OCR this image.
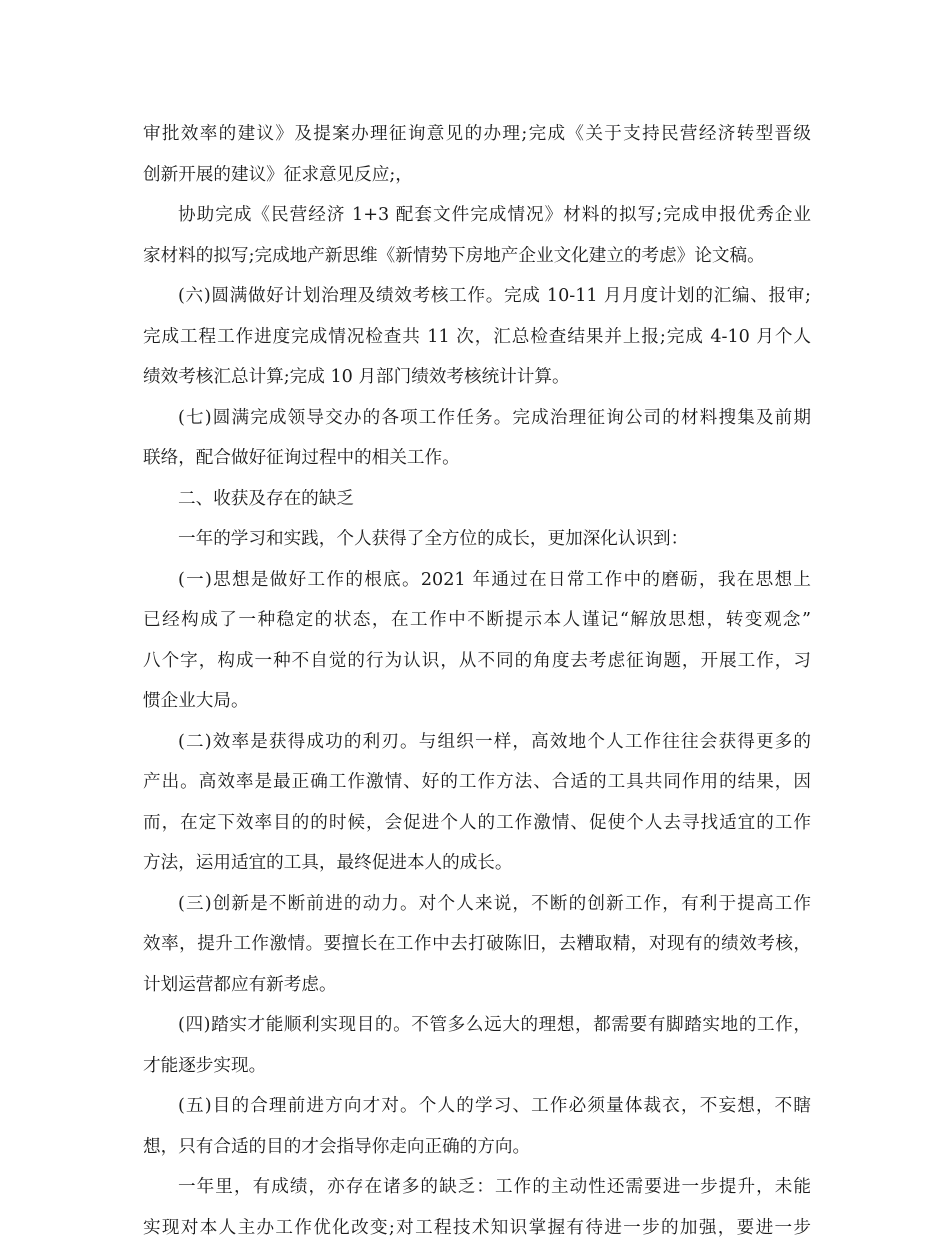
审批效率的建议》及提案办理征询意见的办理;完成《关于支持民营经济转型晋级
创新开展的建议》征求意见反应;，
协助完成《民营经济 1+3 配套文件完成情况》材料的拟写;完成申报优秀企业
家材料的拟写;完成地产新思维《新情势下房地产企业文化建立的考虑》论文稿。
(六)圆满做好计划治理及绩效考核工作。完成 10-11 月月度计划的汇编、报审;
完成工程工作进度完成情况检查共 11 次，汇总检查结果并上报;完成 4-10 月个人
绩效考核汇总计算;完成 10 月部门绩效考核统计计算。
(七)圆满完成领导交办的各项工作任务。完成治理征询公司的材料搜集及前期
联络，配合做好征询过程中的相关工作。
二、收获及存在的缺乏
一年的学习和实践，个人获得了全方位的成长，更加深化认识到：
(一)思想是做好工作的根底。2021 年通过在日常工作中的磨砺，我在思想上
已经构成了一种稳定的状态，在工作中不断提示本人谨记“解放思想，转变观念”
八个字，构成一种不自觉的行为认识，从不同的角度去考虑征询题，开展工作，习
惯企业大局。
(二)效率是获得成功的利刃。与组织一样，高效地个人工作往往会获得更多的
产出。高效率是最正确工作激情、好的工作方法、合适的工具共同作用的结果，因
而，在定下效率目的的时候，会促进个人的工作激情、促使个人去寻找适宜的工作
方法，运用适宜的工具，最终促进本人的成长。
(三)创新是不断前进的动力。对个人来说，不断的创新工作，有利于提高工作
效率，提升工作激情。要擅长在工作中去打破陈旧，去糟取精，对现有的绩效考核，
计划运营都应有新考虑。
(四)踏实才能顺利实现目的。不管多么远大的理想，都需要有脚踏实地的工作，
才能逐步实现。
(五)目的合理前进方向才对。个人的学习、工作必须量体裁衣，不妄想，不瞎
想，只有合适的目的才会指导你走向正确的方向。
一年里，有成绩，亦存在诸多的缺乏：工作的主动性还需要进一步提升，未能
实现对本人主办工作优化改变;对工程技术知识掌握有待进一步的加强，要进一步
